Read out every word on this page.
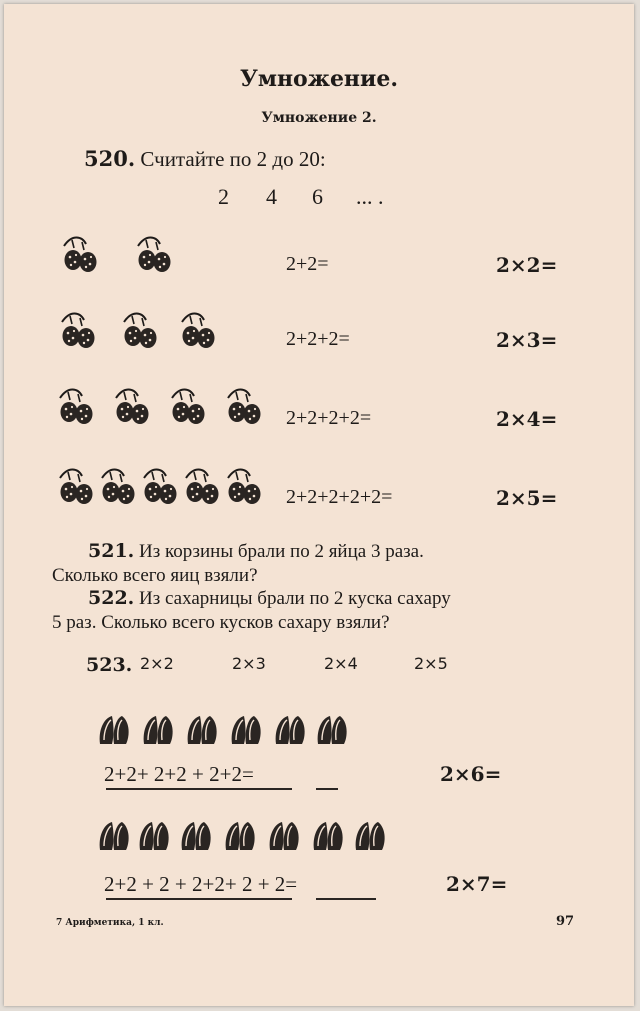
Умножение.
Умножение 2.
520. Считайте по 2 до 20:
2 4 6 ... .
2+2=	2×2=
2+2+2=	2×3=
2+2+2+2=	2×4=
2+2+2+2+2=	2×5=
521. Из корзины брали по 2 яйца 3 раза.
Сколько всего яиц взяли?
522. Из сахарницы брали по 2 куска сахару
5 раз. Сколько всего кусков сахару взяли?
523. 2×2	2×3	2×4	2×5
2+2+ 2+2 + 2+2=	2×6=
2+2 + 2 + 2+2+ 2 + 2=	2×7=
7 Арифметика, 1 кл.	97
